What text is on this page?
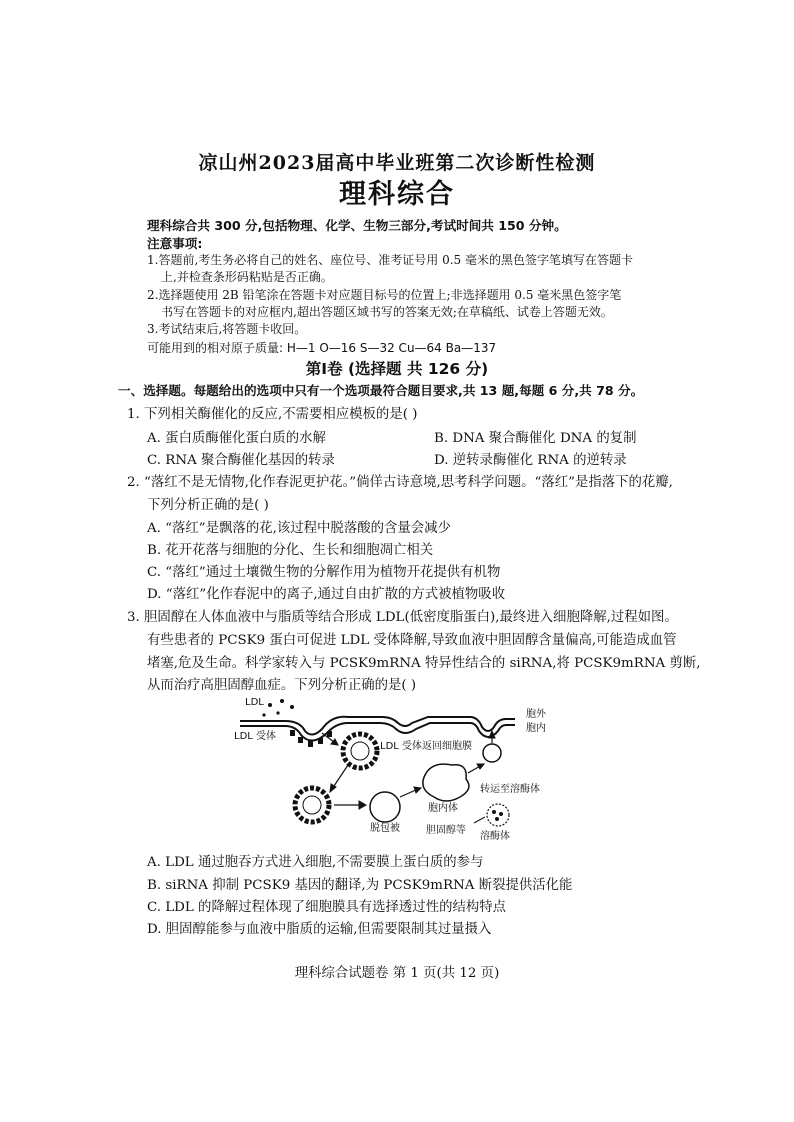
凉山州2023届高中毕业班第二次诊断性检测
理科综合
理科综合共 300 分,包括物理、化学、生物三部分,考试时间共 150 分钟。
注意事项:
1.答题前,考生务必将自己的姓名、座位号、准考证号用 0.5 毫米的黑色签字笔填写在答题卡
上,并检查条形码粘贴是否正确。
2.选择题使用 2B 铅笔涂在答题卡对应题目标号的位置上;非选择题用 0.5 毫米黑色签字笔
书写在答题卡的对应框内,超出答题区域书写的答案无效;在草稿纸、试卷上答题无效。
3.考试结束后,将答题卡收回。
可能用到的相对原子质量: H—1 O—16 S—32 Cu—64 Ba—137
第Ⅰ卷 (选择题 共 126 分)
一、选择题。每题给出的选项中只有一个选项最符合题目要求,共 13 题,每题 6 分,共 78 分。
1. 下列相关酶催化的反应,不需要相应模板的是( )
A. 蛋白质酶催化蛋白质的水解	B. DNA 聚合酶催化 DNA 的复制
C. RNA 聚合酶催化基因的转录	D. 逆转录酶催化 RNA 的逆转录
2. “落红不是无情物,化作春泥更护花。”倘佯古诗意境,思考科学问题。“落红”是指落下的花瓣,
下列分析正确的是( )
A. “落红”是飘落的花,该过程中脱落酸的含量会减少
B. 花开花落与细胞的分化、生长和细胞凋亡相关
C. “落红”通过土壤微生物的分解作用为植物开花提供有机物
D. “落红”化作春泥中的离子,通过自由扩散的方式被植物吸收
3. 胆固醇在人体血液中与脂质等结合形成 LDL(低密度脂蛋白),最终进入细胞降解,过程如图。
有些患者的 PCSK9 蛋白可促进 LDL 受体降解,导致血液中胆固醇含量偏高,可能造成血管
堵塞,危及生命。科学家转入与 PCSK9mRNA 特异性结合的 siRNA,将 PCSK9mRNA 剪断,
从而治疗高胆固醇血症。下列分析正确的是( )
LDL
LDL 受体
胞外
胞内
LDL 受体返回细胞膜
胞内体
转运至溶酶体
脱包被	胆固醇等
溶酶体
A. LDL 通过胞吞方式进入细胞,不需要膜上蛋白质的参与
B. siRNA 抑制 PCSK9 基因的翻译,为 PCSK9mRNA 断裂提供活化能
C. LDL 的降解过程体现了细胞膜具有选择透过性的结构特点
D. 胆固醇能参与血液中脂质的运输,但需要限制其过量摄入
理科综合试题卷 第 1 页(共 12 页)
